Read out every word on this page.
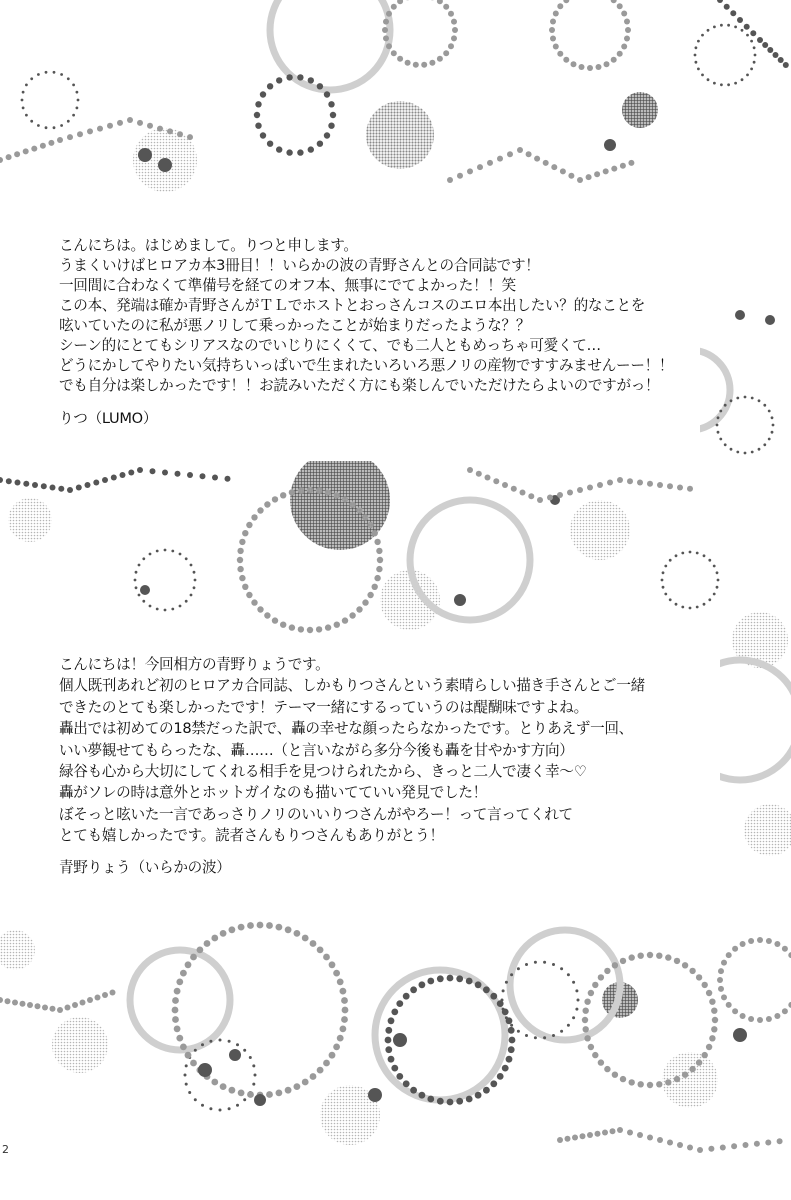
こんにちは。はじめまして。りつと申します。
うまくいけばヒロアカ本3冊目！！いらかの波の青野さんとの合同誌です！
一回間に合わなくて準備号を経てのオフ本、無事にでてよかった！！笑
この本、発端は確か青野さんがＴＬでホストとおっさんコスのエロ本出したい？的なことを
呟いていたのに私が悪ノリして乗っかったことが始まりだったような？？
シーン的にとてもシリアスなのでいじりにくくて、でも二人ともめっちゃ可愛くて…
どうにかしてやりたい気持ちいっぱいで生まれたいろいろ悪ノリの産物ですすみませんーー！！
でも自分は楽しかったです！！お読みいただく方にも楽しんでいただけたらよいのですがっ！
りつ（LUMO）
こんにちは！今回相方の青野りょうです。
個人既刊あれど初のヒロアカ合同誌、しかもりつさんという素晴らしい描き手さんとご一緒
できたのとても楽しかったです！テーマ一緒にするっていうのは醍醐味ですよね。
轟出では初めての18禁だった訳で、轟の幸せな顔ったらなかったです。とりあえず一回、
いい夢観せてもらったな、轟……（と言いながら多分今後も轟を甘やかす方向）
緑谷も心から大切にしてくれる相手を見つけられたから、きっと二人で凄く幸～♡
轟がソレの時は意外とホットガイなのも描いてていい発見でした！
ぼそっと呟いた一言であっさりノリのいいりつさんがやろー！って言ってくれて
とても嬉しかったです。読者さんもりつさんもありがとう！
青野りょう（いらかの波）
2
